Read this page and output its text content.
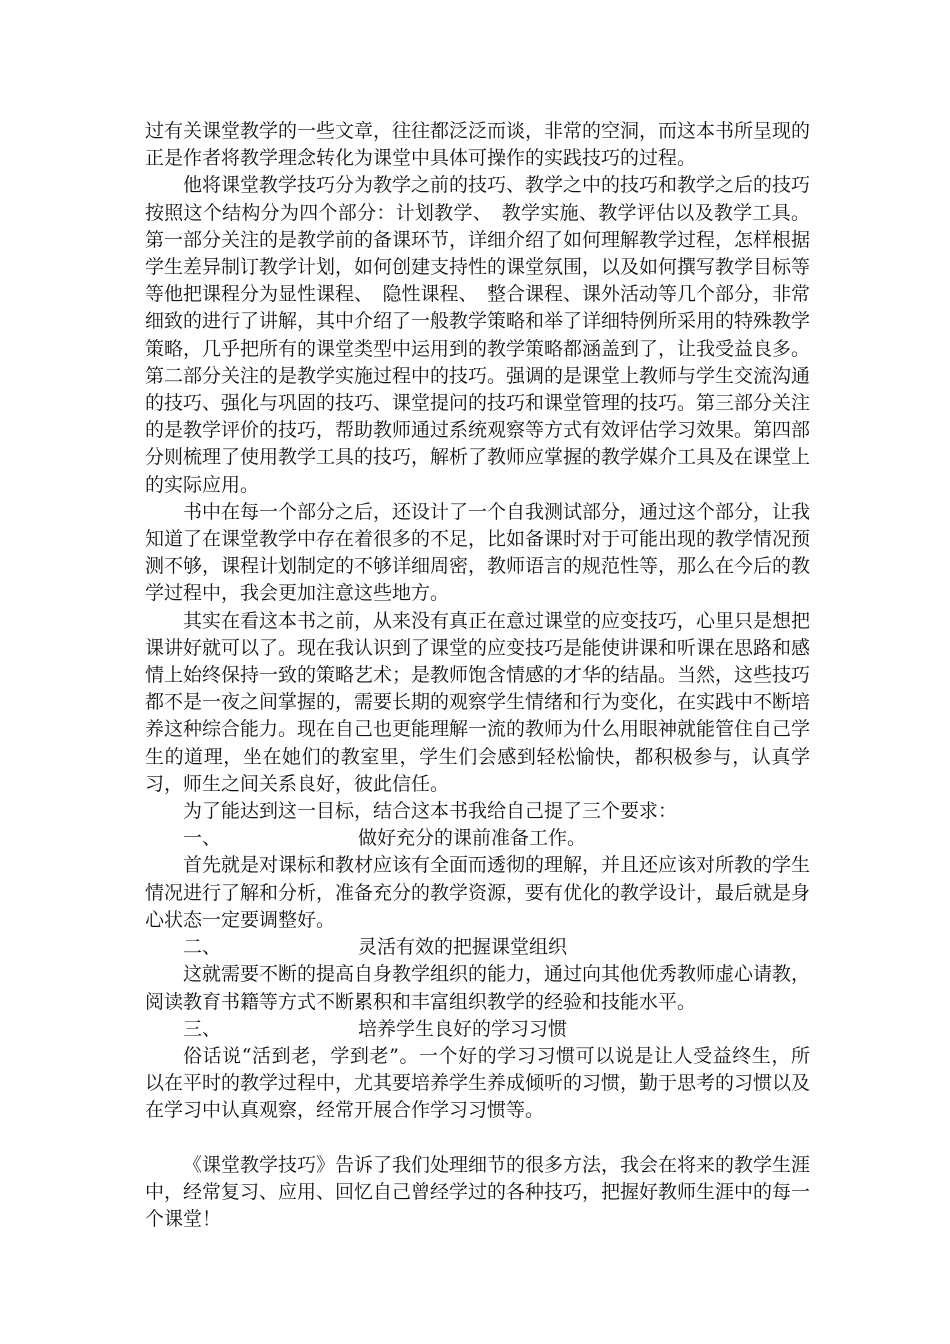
过有关课堂教学的一些文章，往往都泛泛而谈，非常的空洞，而这本书所呈现的正是作者将教学理念转化为课堂中具体可操作的实践技巧的过程。

他将课堂教学技巧分为教学之前的技巧、教学之中的技巧和教学之后的技巧按照这个结构分为四个部分：计划教学、　教学实施、教学评估以及教学工具。第一部分关注的是教学前的备课环节，详细介绍了如何理解教学过程，怎样根据学生差异制订教学计划，如何创建支持性的课堂氛围，以及如何撰写教学目标等等他把课程分为显性课程、　隐性课程、　整合课程、课外活动等几个部分，非常细致的进行了讲解，其中介绍了一般教学策略和举了详细特例所采用的特殊教学策略，几乎把所有的课堂类型中运用到的教学策略都涵盖到了，让我受益良多。第二部分关注的是教学实施过程中的技巧。强调的是课堂上教师与学生交流沟通的技巧、强化与巩固的技巧、课堂提问的技巧和课堂管理的技巧。第三部分关注的是教学评价的技巧，帮助教师通过系统观察等方式有效评估学习效果。第四部分则梳理了使用教学工具的技巧，解析了教师应掌握的教学媒介工具及在课堂上的实际应用。

书中在每一个部分之后，还设计了一个自我测试部分，通过这个部分，让我知道了在课堂教学中存在着很多的不足，比如备课时对于可能出现的教学情况预测不够，课程计划制定的不够详细周密，教师语言的规范性等，那么在今后的教学过程中，我会更加注意这些地方。

其实在看这本书之前，从来没有真正在意过课堂的应变技巧，心里只是想把课讲好就可以了。现在我认识到了课堂的应变技巧是能使讲课和听课在思路和感情上始终保持一致的策略艺术；是教师饱含情感的才华的结晶。当然，这些技巧都不是一夜之间掌握的，需要长期的观察学生情绪和行为变化，在实践中不断培养这种综合能力。现在自己也更能理解一流的教师为什么用眼神就能管住自己学生的道理，坐在她们的教室里，学生们会感到轻松愉快，都积极参与，认真学习，师生之间关系良好，彼此信任。

为了能达到这一目标，结合这本书我给自己提了三个要求：

一、	做好充分的课前准备工作。

首先就是对课标和教材应该有全面而透彻的理解，并且还应该对所教的学生情况进行了解和分析，准备充分的教学资源，要有优化的教学设计，最后就是身心状态一定要调整好。

二、	灵活有效的把握课堂组织

这就需要不断的提高自身教学组织的能力，通过向其他优秀教师虚心请教，阅读教育书籍等方式不断累积和丰富组织教学的经验和技能水平。

三、	培养学生良好的学习习惯

俗话说“活到老，学到老”。一个好的学习习惯可以说是让人受益终生，所以在平时的教学过程中，尤其要培养学生养成倾听的习惯，勤于思考的习惯以及在学习中认真观察，经常开展合作学习习惯等。

《课堂教学技巧》告诉了我们处理细节的很多方法，我会在将来的教学生涯中，经常复习、应用、回忆自己曾经学过的各种技巧，把握好教师生涯中的每一个课堂！
